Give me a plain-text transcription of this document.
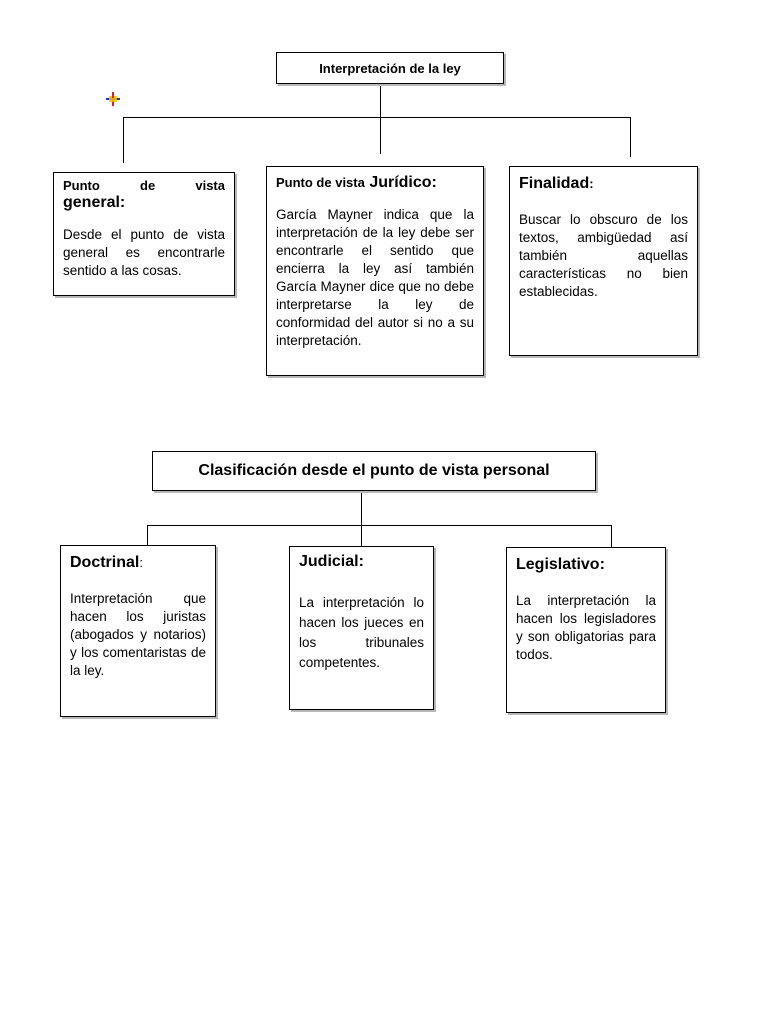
Interpretación de la ley

Punto de vista
general:

Desde el punto de vista general es encontrarle sentido a las cosas.

Punto de vista Jurídico:

García Mayner indica que la interpretación de la ley debe ser encontrarle el sentido que encierra la ley así también García Mayner dice que no debe interpretarse la ley de conformidad del autor si no a su interpretación.

Finalidad:

Buscar lo obscuro de los textos, ambigüedad así también aquellas características no bien establecidas.

Clasificación desde el punto de vista personal

Doctrinal:

Interpretación que hacen los juristas (abogados y notarios) y los comentaristas de la ley.

Judicial:

La interpretación lo hacen los jueces en los tribunales competentes.

Legislativo:

La interpretación la hacen los legisladores y son obligatorias para todos.
